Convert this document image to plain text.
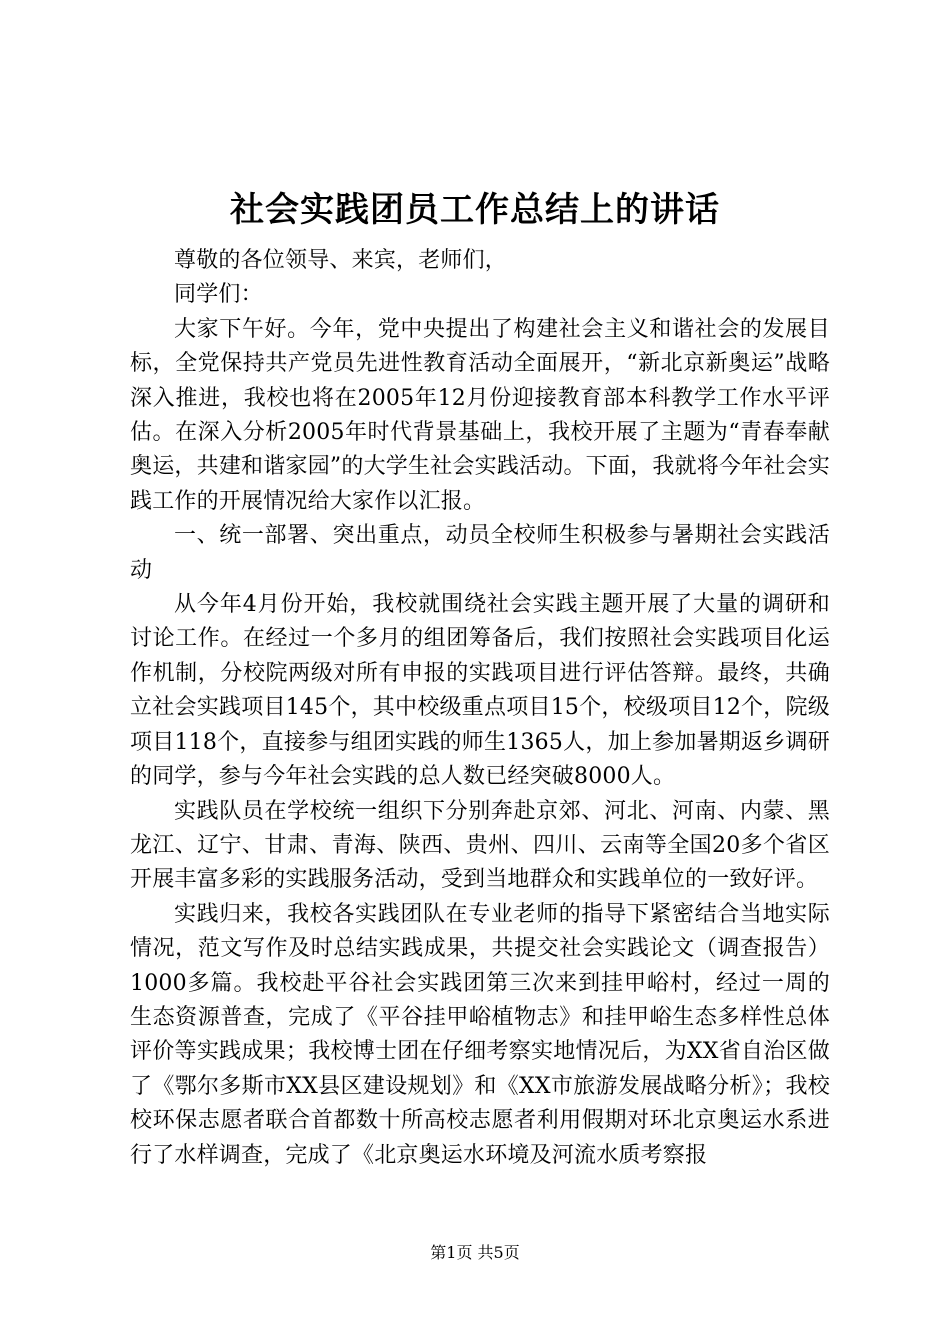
社会实践团员工作总结上的讲话

尊敬的各位领导、来宾，老师们，

同学们：

大家下午好。今年，党中央提出了构建社会主义和谐社会的发展目标，全党保持共产党员先进性教育活动全面展开，“新北京新奥运”战略深入推进，我校也将在2005年12月份迎接教育部本科教学工作水平评估。在深入分析2005年时代背景基础上，我校开展了主题为“青春奉献奥运，共建和谐家园”的大学生社会实践活动。下面，我就将今年社会实践工作的开展情况给大家作以汇报。

一、统一部署、突出重点，动员全校师生积极参与暑期社会实践活动

从今年4月份开始，我校就围绕社会实践主题开展了大量的调研和讨论工作。在经过一个多月的组团筹备后，我们按照社会实践项目化运作机制，分校院两级对所有申报的实践项目进行评估答辩。最终，共确立社会实践项目145个，其中校级重点项目15个，校级项目12个，院级项目118个，直接参与组团实践的师生1365人，加上参加暑期返乡调研的同学，参与今年社会实践的总人数已经突破8000人。

实践队员在学校统一组织下分别奔赴京郊、河北、河南、内蒙、黑龙江、辽宁、甘肃、青海、陕西、贵州、四川、云南等全国20多个省区开展丰富多彩的实践服务活动，受到当地群众和实践单位的一致好评。

实践归来，我校各实践团队在专业老师的指导下紧密结合当地实际情况，范文写作及时总结实践成果，共提交社会实践论文（调查报告）1000多篇。我校赴平谷社会实践团第三次来到挂甲峪村，经过一周的生态资源普查，完成了《平谷挂甲峪植物志》和挂甲峪生态多样性总体评价等实践成果；我校博士团在仔细考察实地情况后，为XX省自治区做了《鄂尔多斯市XX县区建设规划》和《XX市旅游发展战略分析》；我校校环保志愿者联合首都数十所高校志愿者利用假期对环北京奥运水系进行了水样调查，完成了《北京奥运水环境及河流水质考察报

第1页 共5页
